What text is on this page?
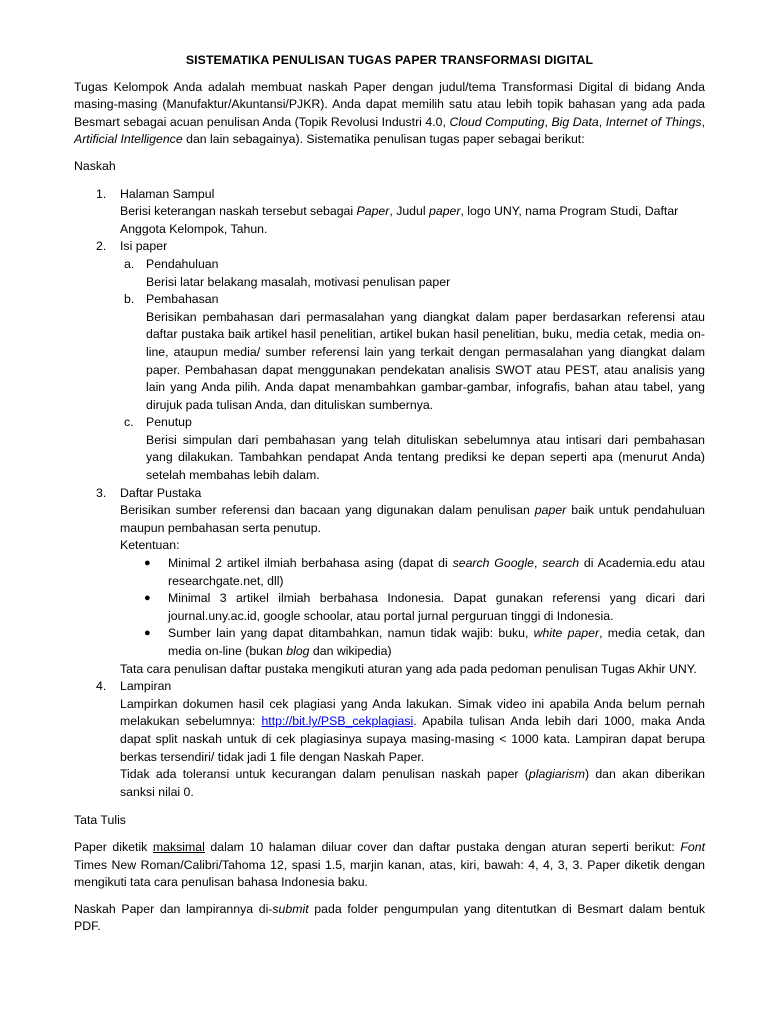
SISTEMATIKA PENULISAN TUGAS PAPER TRANSFORMASI DIGITAL

Tugas Kelompok Anda adalah membuat naskah Paper dengan judul/tema Transformasi Digital di bidang Anda masing-masing (Manufaktur/Akuntansi/PJKR). Anda dapat memilih satu atau lebih topik bahasan yang ada pada Besmart sebagai acuan penulisan Anda (Topik Revolusi Industri 4.0, Cloud Computing, Big Data, Internet of Things, Artificial Intelligence dan lain sebagainya). Sistematika penulisan tugas paper sebagai berikut:

Naskah

1. Halaman Sampul
Berisi keterangan naskah tersebut sebagai Paper, Judul paper, logo UNY, nama Program Studi, Daftar Anggota Kelompok, Tahun.
2. Isi paper
a. Pendahuluan
Berisi latar belakang masalah, motivasi penulisan paper
b. Pembahasan
Berisikan pembahasan dari permasalahan yang diangkat dalam paper berdasarkan referensi atau daftar pustaka baik artikel hasil penelitian, artikel bukan hasil penelitian, buku, media cetak, media on-line, ataupun media/ sumber referensi lain yang terkait dengan permasalahan yang diangkat dalam paper. Pembahasan dapat menggunakan pendekatan analisis SWOT atau PEST, atau analisis yang lain yang Anda pilih. Anda dapat menambahkan gambar-gambar, infografis, bahan atau tabel, yang dirujuk pada tulisan Anda, dan dituliskan sumbernya.
c. Penutup
Berisi simpulan dari pembahasan yang telah dituliskan sebelumnya atau intisari dari pembahasan yang dilakukan. Tambahkan pendapat Anda tentang prediksi ke depan seperti apa (menurut Anda) setelah membahas lebih dalam.
3. Daftar Pustaka
Berisikan sumber referensi dan bacaan yang digunakan dalam penulisan paper baik untuk pendahuluan maupun pembahasan serta penutup.
Ketentuan:
● Minimal 2 artikel ilmiah berbahasa asing (dapat di search Google, search di Academia.edu atau researchgate.net, dll)
● Minimal 3 artikel ilmiah berbahasa Indonesia. Dapat gunakan referensi yang dicari dari journal.uny.ac.id, google schoolar, atau portal jurnal perguruan tinggi di Indonesia.
● Sumber lain yang dapat ditambahkan, namun tidak wajib: buku, white paper, media cetak, dan media on-line (bukan blog dan wikipedia)
Tata cara penulisan daftar pustaka mengikuti aturan yang ada pada pedoman penulisan Tugas Akhir UNY.
4. Lampiran
Lampirkan dokumen hasil cek plagiasi yang Anda lakukan. Simak video ini apabila Anda belum pernah melakukan sebelumnya: http://bit.ly/PSB_cekplagiasi. Apabila tulisan Anda lebih dari 1000, maka Anda dapat split naskah untuk di cek plagiasinya supaya masing-masing < 1000 kata. Lampiran dapat berupa berkas tersendiri/ tidak jadi 1 file dengan Naskah Paper.
Tidak ada toleransi untuk kecurangan dalam penulisan naskah paper (plagiarism) dan akan diberikan sanksi nilai 0.

Tata Tulis

Paper diketik maksimal dalam 10 halaman diluar cover dan daftar pustaka dengan aturan seperti berikut: Font Times New Roman/Calibri/Tahoma 12, spasi 1.5, marjin kanan, atas, kiri, bawah: 4, 4, 3, 3. Paper diketik dengan mengikuti tata cara penulisan bahasa Indonesia baku.

Naskah Paper dan lampirannya di-submit pada folder pengumpulan yang ditentutkan di Besmart dalam bentuk PDF.
